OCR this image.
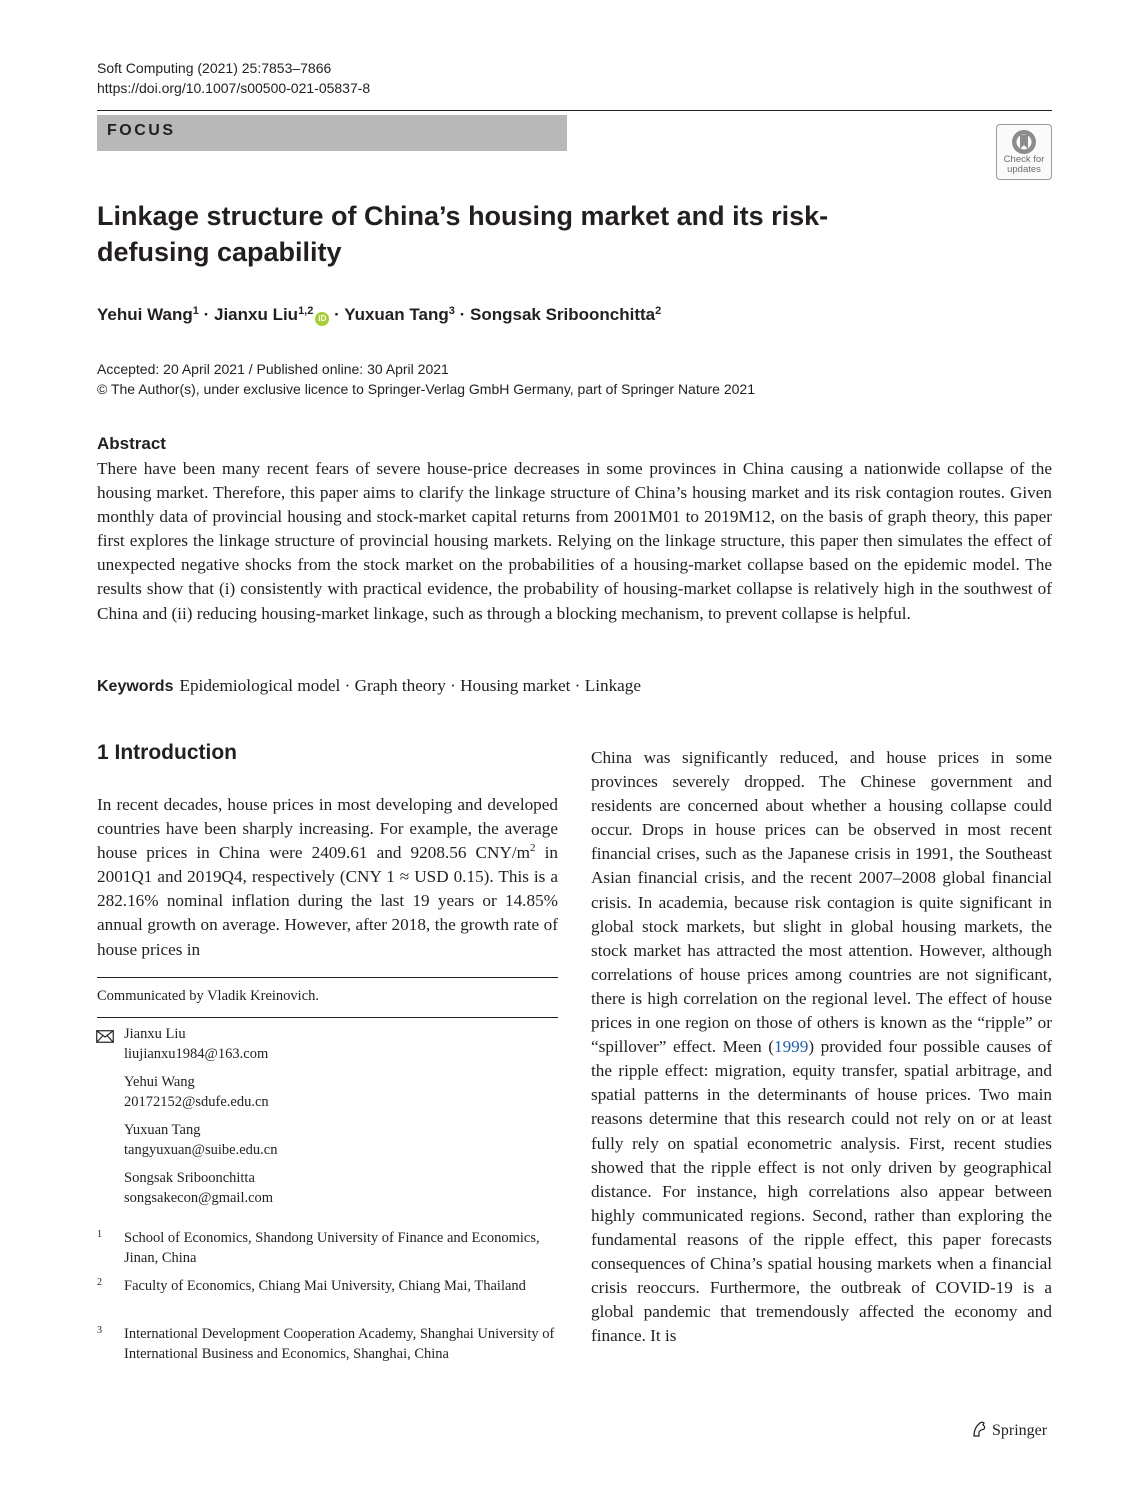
Soft Computing (2021) 25:7853–7866
https://doi.org/10.1007/s00500-021-05837-8
FOCUS
Check for
updates
Linkage structure of China’s housing market and its risk-defusing capability
Yehui Wang$^1$ · Jianxu Liu$^{1,2}$iD · Yuxuan Tang$^3$ · Songsak Sriboonchitta$^2$
Accepted: 20 April 2021 / Published online: 30 April 2021
© The Author(s), under exclusive licence to Springer-Verlag GmbH Germany, part of Springer Nature 2021
Abstract

There have been many recent fears of severe house-price decreases in some provinces in China causing a nationwide collapse of the housing market. Therefore, this paper aims to clarify the linkage structure of China’s housing market and its risk contagion routes. Given monthly data of provincial housing and stock-market capital returns from 2001M01 to 2019M12, on the basis of graph theory, this paper first explores the linkage structure of provincial housing markets. Relying on the linkage structure, this paper then simulates the effect of unexpected negative shocks from the stock market on the probabilities of a housing-market collapse based on the epidemic model. The results show that (i) consistently with practical evidence, the probability of housing-market collapse is relatively high in the southwest of China and (ii) reducing housing-market linkage, such as through a blocking mechanism, to prevent collapse is helpful.

Keywords Epidemiological model · Graph theory · Housing market · Linkage
1 Introduction

In recent decades, house prices in most developing and developed countries have been sharply increasing. For example, the average house prices in China were 2409.61 and 9208.56 CNY/$m^2$ in 2001Q1 and 2019Q4, respectively (CNY 1 ≈ USD 0.15). This is a 282.16% nominal inflation during the last 19 years or 14.85% annual growth on average. However, after 2018, the growth rate of house prices in

China was significantly reduced, and house prices in some provinces severely dropped. The Chinese government and residents are concerned about whether a housing collapse could occur. Drops in house prices can be observed in most recent financial crises, such as the Japanese crisis in 1991, the Southeast Asian financial crisis, and the recent 2007–2008 global financial crisis. In academia, because risk contagion is quite significant in global stock markets, but slight in global housing markets, the stock market has attracted the most attention. However, although correlations of house prices among countries are not significant, there is high correlation on the regional level. The effect of house prices in one region on those of others is known as the “ripple” or “spillover” effect. Meen (1999) provided four possible causes of the ripple effect: migration, equity transfer, spatial arbitrage, and spatial patterns in the determinants of house prices. Two main reasons determine that this research could not rely on or at least fully rely on spatial econometric analysis. First, recent studies showed that the ripple effect is not only driven by geographical distance. For instance, high correlations also appear between highly communicated regions. Second, rather than exploring the fundamental reasons of the ripple effect, this paper forecasts consequences of China’s spatial housing markets when a financial crisis reoccurs. Furthermore, the outbreak of COVID-19 is a global pandemic that tremendously affected the economy and finance. It is

Communicated by Vladik Kreinovich.
Jianxu Liu
liujianxu1984@163.com
Yehui Wang
20172152@sdufe.edu.cn
Yuxuan Tang
tangyuxuan@suibe.edu.cn
Songsak Sriboonchitta
songsakecon@gmail.com
1 School of Economics, Shandong University of Finance and Economics, Jinan, China
2 Faculty of Economics, Chiang Mai University, Chiang Mai, Thailand
3 International Development Cooperation Academy, Shanghai University of International Business and Economics, Shanghai, China
Springer
